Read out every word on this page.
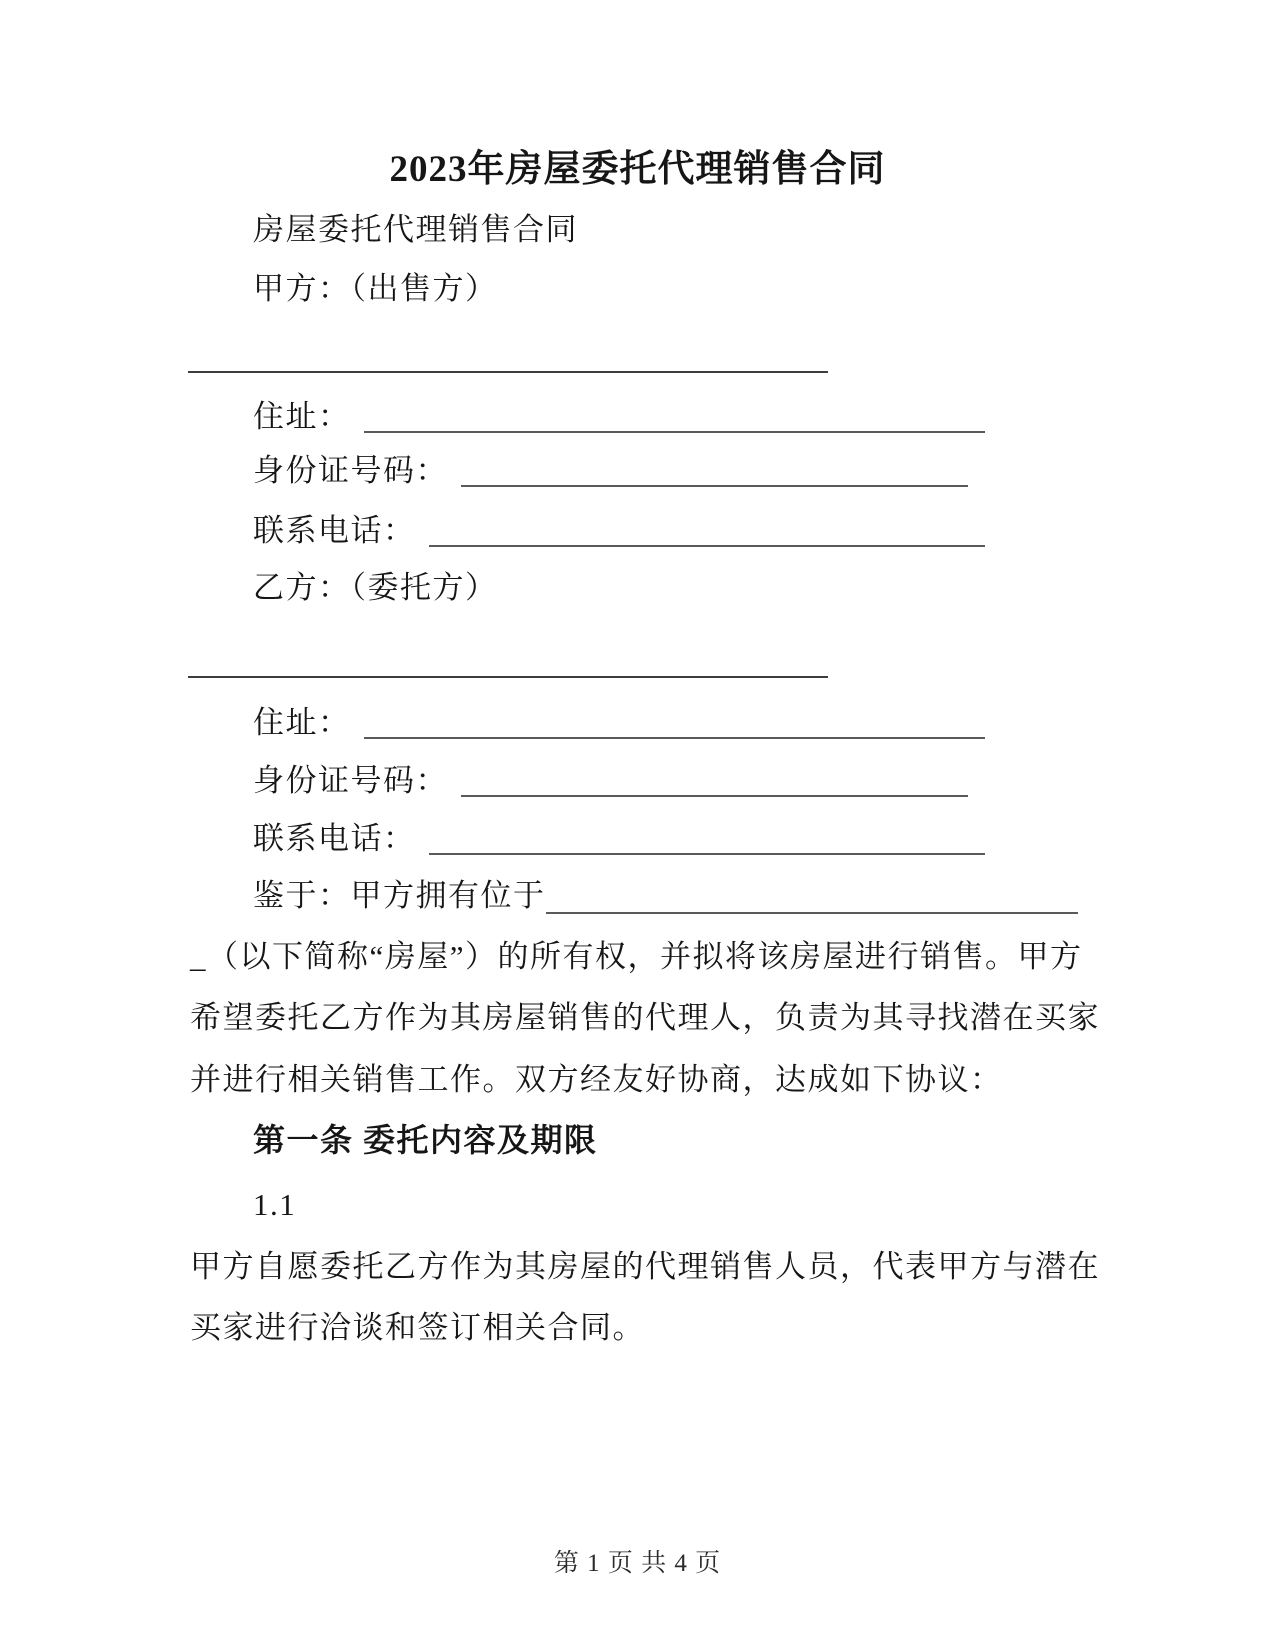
2023年房屋委托代理销售合同
房屋委托代理销售合同
甲方：（出售方）
住址：
身份证号码：
联系电话：
乙方：（委托方）
住址：
身份证号码：
联系电话：
鉴于：甲方拥有位于
_（以下简称“房屋”）的所有权，并拟将该房屋进行销售。甲方
希望委托乙方作为其房屋销售的代理人，负责为其寻找潜在买家
并进行相关销售工作。双方经友好协商，达成如下协议：
第一条 委托内容及期限
1.1
甲方自愿委托乙方作为其房屋的代理销售人员，代表甲方与潜在
买家进行洽谈和签订相关合同。
第 1 页 共 4 页
